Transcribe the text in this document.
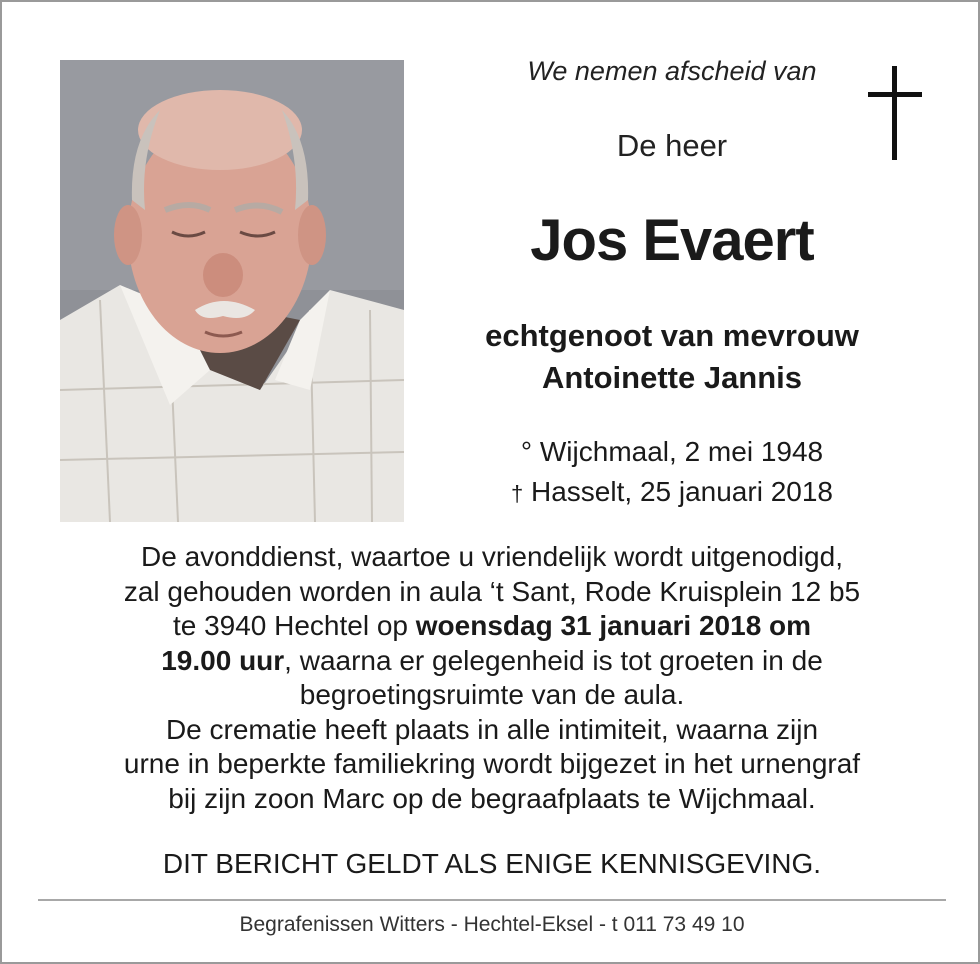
We nemen afscheid van
De heer
Jos Evaert
echtgenoot van mevrouw
Antoinette Jannis
° Wijchmaal, 2 mei 1948
† Hasselt, 25 januari 2018
De avonddienst, waartoe u vriendelijk wordt uitgenodigd,
zal gehouden worden in aula ‘t Sant, Rode Kruisplein 12 b5
te 3940 Hechtel op woensdag 31 januari 2018 om
19.00 uur, waarna er gelegenheid is tot groeten in de
begroetingsruimte van de aula.
De crematie heeft plaats in alle intimiteit, waarna zijn
urne in beperkte familiekring wordt bijgezet in het urnengraf
bij zijn zoon Marc op de begraafplaats te Wijchmaal.
DIT BERICHT GELDT ALS ENIGE KENNISGEVING.
Begrafenissen Witters - Hechtel-Eksel - t 011 73 49 10
